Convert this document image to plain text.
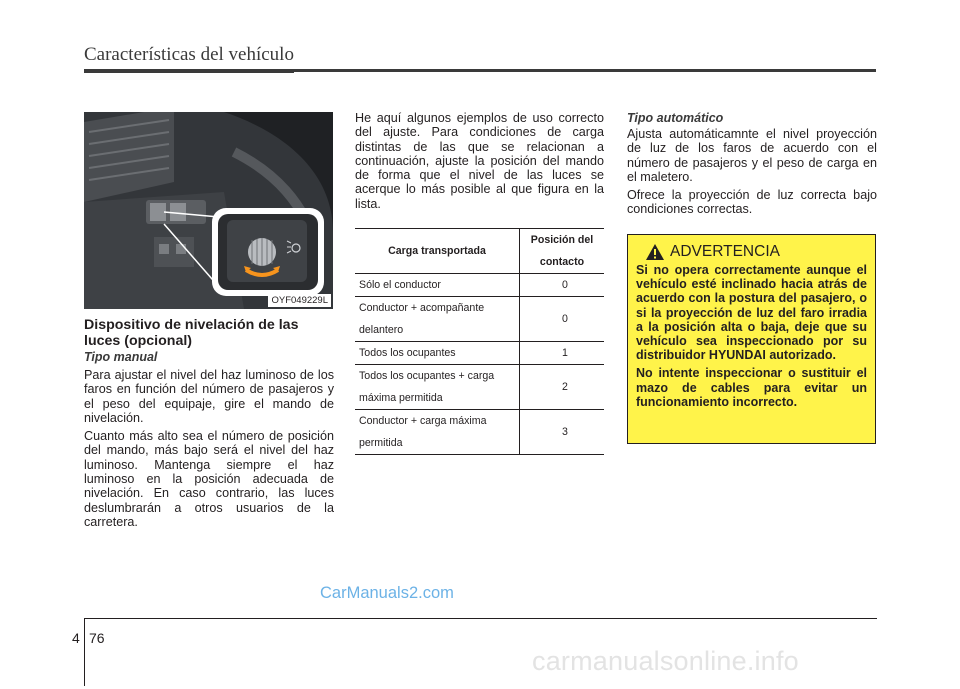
Características del vehículo
OYF049229L
Dispositivo de nivelación de las luces (opcional)
Tipo manual
Para ajustar el nivel del haz luminoso de los faros en función del número de pasajeros y el peso del equipaje, gire el mando de nivelación.
Cuanto más alto sea el número de posición del mando, más bajo será el nivel del haz luminoso. Mantenga siempre el haz luminoso en la posición adecuada de nivelación. En caso contrario, las luces deslumbrarán a otros usuarios de la carretera.
He aquí algunos ejemplos de uso correcto del ajuste. Para condiciones de carga distintas de las que se relacionan a continuación, ajuste la posición del mando de forma que el nivel de las luces se acerque lo más posible al que figura en la lista.
Carga transportada	Posición del contacto
Sólo el conductor	0
Conductor + acompañante delantero	0
Todos los ocupantes	1
Todos los ocupantes + carga máxima permitida	2
Conductor + carga máxima permitida	3
Tipo automático
Ajusta automáticamnte el nivel proyección de luz de los faros de acuerdo con el número de pasajeros y el peso de carga en el maletero.
Ofrece la proyección de luz correcta bajo condiciones correctas.
ADVERTENCIA

Si no opera correctamente aunque el vehículo esté inclinado hacia atrás de acuerdo con la postura del pasajero, o si la proyección de luz del faro irradia a la posición alta o baja, deje que su vehículo sea inspeccionado por su distribuidor HYUNDAI autorizado.

No intente inspeccionar o sustituir el mazo de cables para evitar un funcionamiento incorrecto.

CarManuals2.com
4 76
carmanualsonline.info
